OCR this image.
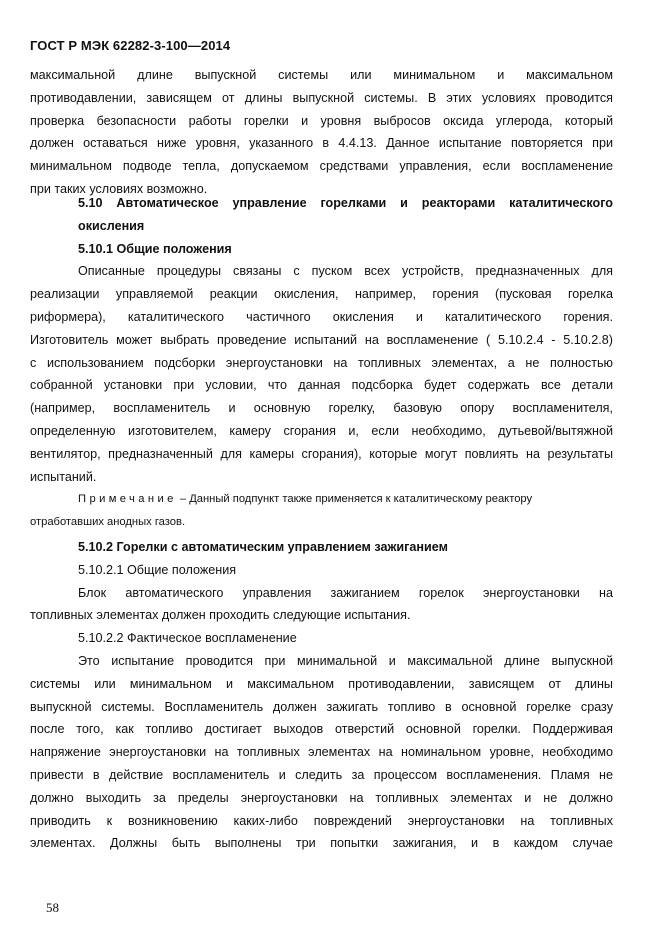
ГОСТ Р МЭК 62282-3-100—2014
максимальной длине выпускной системы или минимальном и максимальном
противодавлении, зависящем от длины выпускной системы. В этих условиях проводится
проверка безопасности работы горелки и уровня выбросов оксида углерода, который
должен оставаться ниже уровня, указанного в 4.4.13. Данное испытание повторяется при
минимальном подводе тепла, допускаемом средствами управления, если воспламенение
при таких условиях возможно.
5.10 Автоматическое управление горелками и реакторами каталитического
окисления
5.10.1 Общие положения
Описанные процедуры связаны с пуском всех устройств, предназначенных для
реализации управляемой реакции окисления, например, горения (пусковая горелка
риформера), каталитического частичного окисления и каталитического горения.
Изготовитель может выбрать проведение испытаний на воспламенение ( 5.10.2.4 - 5.10.2.8)
с использованием подсборки энергоустановки на топливных элементах, а не полностью
собранной установки при условии, что данная подсборка будет содержать все детали
(например, воспламенитель и основную горелку, базовую опору воспламенителя,
определенную изготовителем, камеру сгорания и, если необходимо, дутьевой/вытяжной
вентилятор, предназначенный для камеры сгорания), которые могут повлиять на результаты
испытаний.
Примечание – Данный подпункт также применяется к каталитическому реактору
отработавших анодных газов.
5.10.2 Горелки с автоматическим управлением зажиганием
5.10.2.1 Общие положения
Блок автоматического управления зажиганием горелок энергоустановки на
топливных элементах должен проходить следующие испытания.
5.10.2.2 Фактическое воспламенение
Это испытание проводится при минимальной и максимальной длине выпускной
системы или минимальном и максимальном противодавлении, зависящем от длины
выпускной системы. Воспламенитель должен зажигать топливо в основной горелке сразу
после того, как топливо достигает выходов отверстий основной горелки. Поддерживая
напряжение энергоустановки на топливных элементах на номинальном уровне, необходимо
привести в действие воспламенитель и следить за процессом воспламенения. Пламя не
должно выходить за пределы энергоустановки на топливных элементах и не должно
приводить к возникновению каких-либо повреждений энергоустановки на топливных
элементах. Должны быть выполнены три попытки зажигания, и в каждом случае
58
